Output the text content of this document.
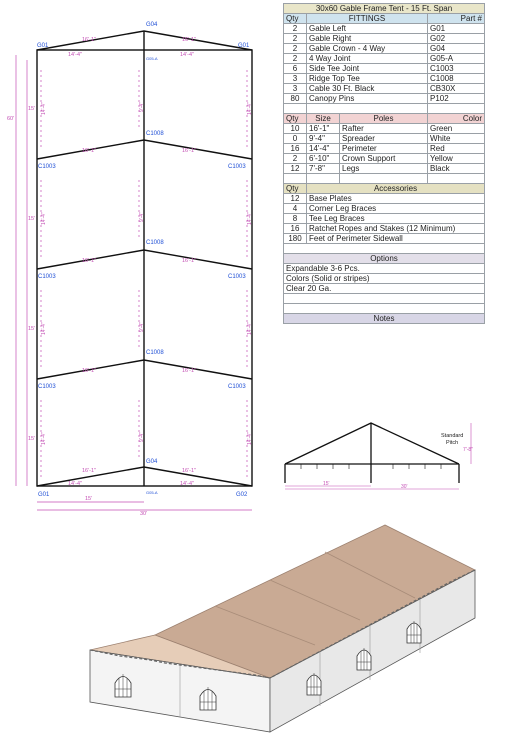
G01	G01
G04
C1003	C1003
C1008
C1003	C1003
C1008
C1003	C1003
C1008
G04
G01	G02
G05-A
G05-A
60'
15'
15'
15'
15'
15'
30'
16'-1"	16'-1"
14'-4"	14'-4"
16'-1"	16'-1"
16'-1"	16'-1"
16'-1"	16'-1"
16'-1"	16'-1"
14'-4"	14'-4"
14'-4"
14'-4"
14'-4"
14'-4"
14'-4"
14'-4"
14'-4"
14'-4"
9'-4"
9'-4"
9'-4"
9'-4"
30x60 Gable Frame Tent - 15 Ft. Span			
Qty	FITTINGS		Part #
2	Gable Left		G01
2	Gable Right		G02
2	Gable Crown - 4 Way		G04
2	4 Way Joint		G05-A
6	Side Tee Joint		C1003
3	Ridge Top Tee		C1008
3	Cable 30 Ft. Black		CB30X
80	Canopy Pins		P102

Qty	Size	Poles	Color
10	16'-1"	Rafter	Green
0	9'-4"	Spreader	White
16	14'-4"	Perimeter	Red
2	6'-10"	Crown Support	Yellow
12	7'-8"	Legs	Black

Qty	Accessories		
12	Base Plates		
4	Corner Leg Braces		
8	Tee Leg Braces		
16	Ratchet Ropes and Stakes (12 Minimum)		
180	Feet of Perimeter Sidewall		

Options			
Expandable 3-6 Pcs.			
Colors (Solid or stripes)			
Clear 20 Ga.			

Notes			
Standard
Pitch
7'-8"
15'	30'
